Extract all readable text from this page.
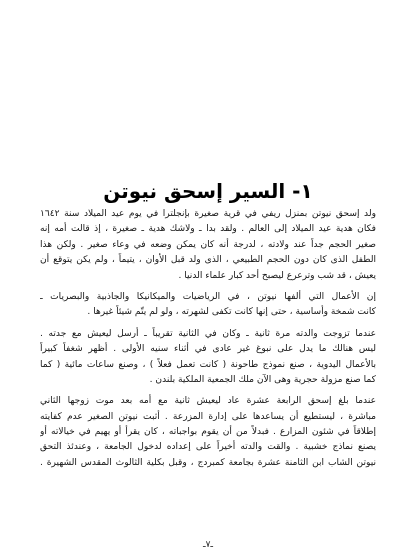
١- السير إسحق نيوتن

ولد إسحق نيوتن بمنزل ريفي في قرية صغيرة بإنجلترا في يوم عيد الميلاد سنة ١٦٤٢
فكان هدية عيد الميلاد إلى العالم . ولقد بدا ـ ولاشك هدية ـ صغيرة ، إذ قالت أمه إنه
صغير الحجم جداً عند ولادته ، لدرجة أنه كان يمكن وضعه في وعاء صغير . ولكن هذا
الطفل الذى كان دون الحجم الطبيعي ، الذى ولد قبل الأوان ، يتيماً ، ولم يكن يتوقع أن
يعيش ، قد شب وترعرع ليصبح أحد كبار علماء الدنيا .

إن الأعمال التي ألفها نيوتن ، في الرياضيات والميكانيكا والجاذبية والبصريات ـ
كانت شمخة وأساسية ، حتى إنها كانت تكفى لشهرته ، ولو لم يتّم شيئاً غيرها .

عندما تزوجت والدته مرة ثانية ـ وكان في الثانية تقريباً ـ أرسل ليعيش مع جدته .
ليس هنالك ما يدل على نبوغ غير عادى في أثناء سنيه الأولى . أظهر شغفاً كبيراً
بالأعمال اليدوية ، صنع نموذج طاحونة ( كانت تعمل فعلاً ) ، وصنع ساعات مائية ( كما
كما صنع مزولة حجرية وهى الآن ملك الجمعية الملكية بلندن .

عندما بلغ إسحق الرابعة عشرة عاد ليعيش ثانية مع أمه بعد موت زوجها الثاني
مباشرة ، ليستطيع أن يساعدها على إدارة المزرعة . أثبت نيوتن الصغير عدم كفايته
إطلاقاً في شئون المزارع . فبدلاً من أن يقوم بواجباته ، كان يقرأ أو يهيم في خيالاته أو
يصنع نماذج خشبية . والقت والدته أخيراً على إعداده لدخول الجامعة ، وعندئذ التحق
نيوتن الشاب ابن الثامنة عشرة بجامعة كمبردج ، وقبل بكلية الثالوث المقدس الشهيرة .

ـ٧ـ
